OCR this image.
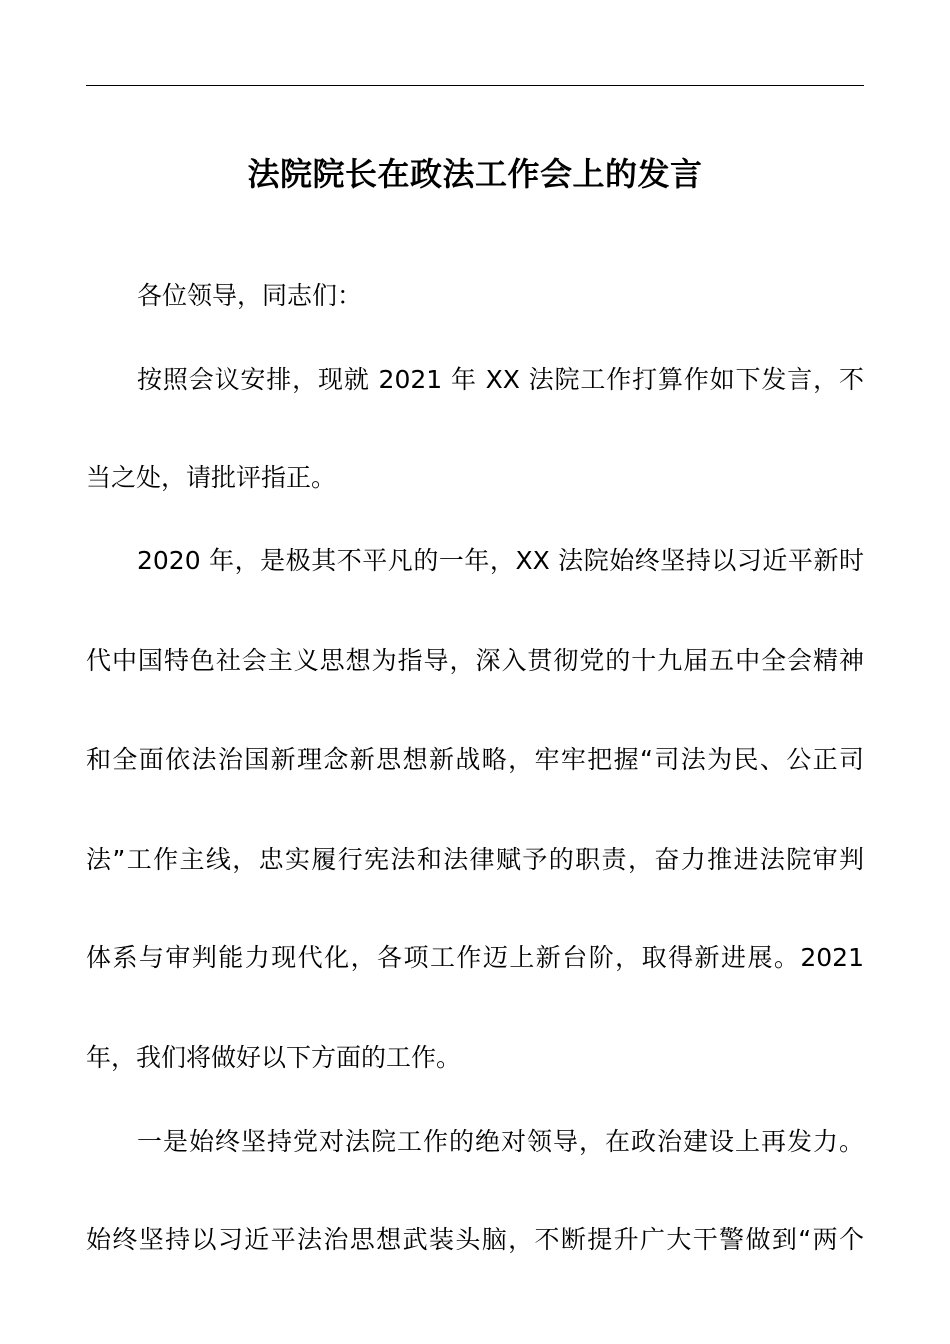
法院院长在政法工作会上的发言
各位领导，同志们：
按照会议安排，现就 2021 年 XX 法院工作打算作如下发言，不
当之处，请批评指正。
2020 年，是极其不平凡的一年，XX 法院始终坚持以习近平新时
代中国特色社会主义思想为指导，深入贯彻党的十九届五中全会精神
和全面依法治国新理念新思想新战略，牢牢把握“司法为民、公正司
法”工作主线，忠实履行宪法和法律赋予的职责，奋力推进法院审判
体系与审判能力现代化，各项工作迈上新台阶，取得新进展。2021
年，我们将做好以下方面的工作。
一是始终坚持党对法院工作的绝对领导，在政治建设上再发力。
始终坚持以习近平法治思想武装头脑，不断提升广大干警做到“两个
